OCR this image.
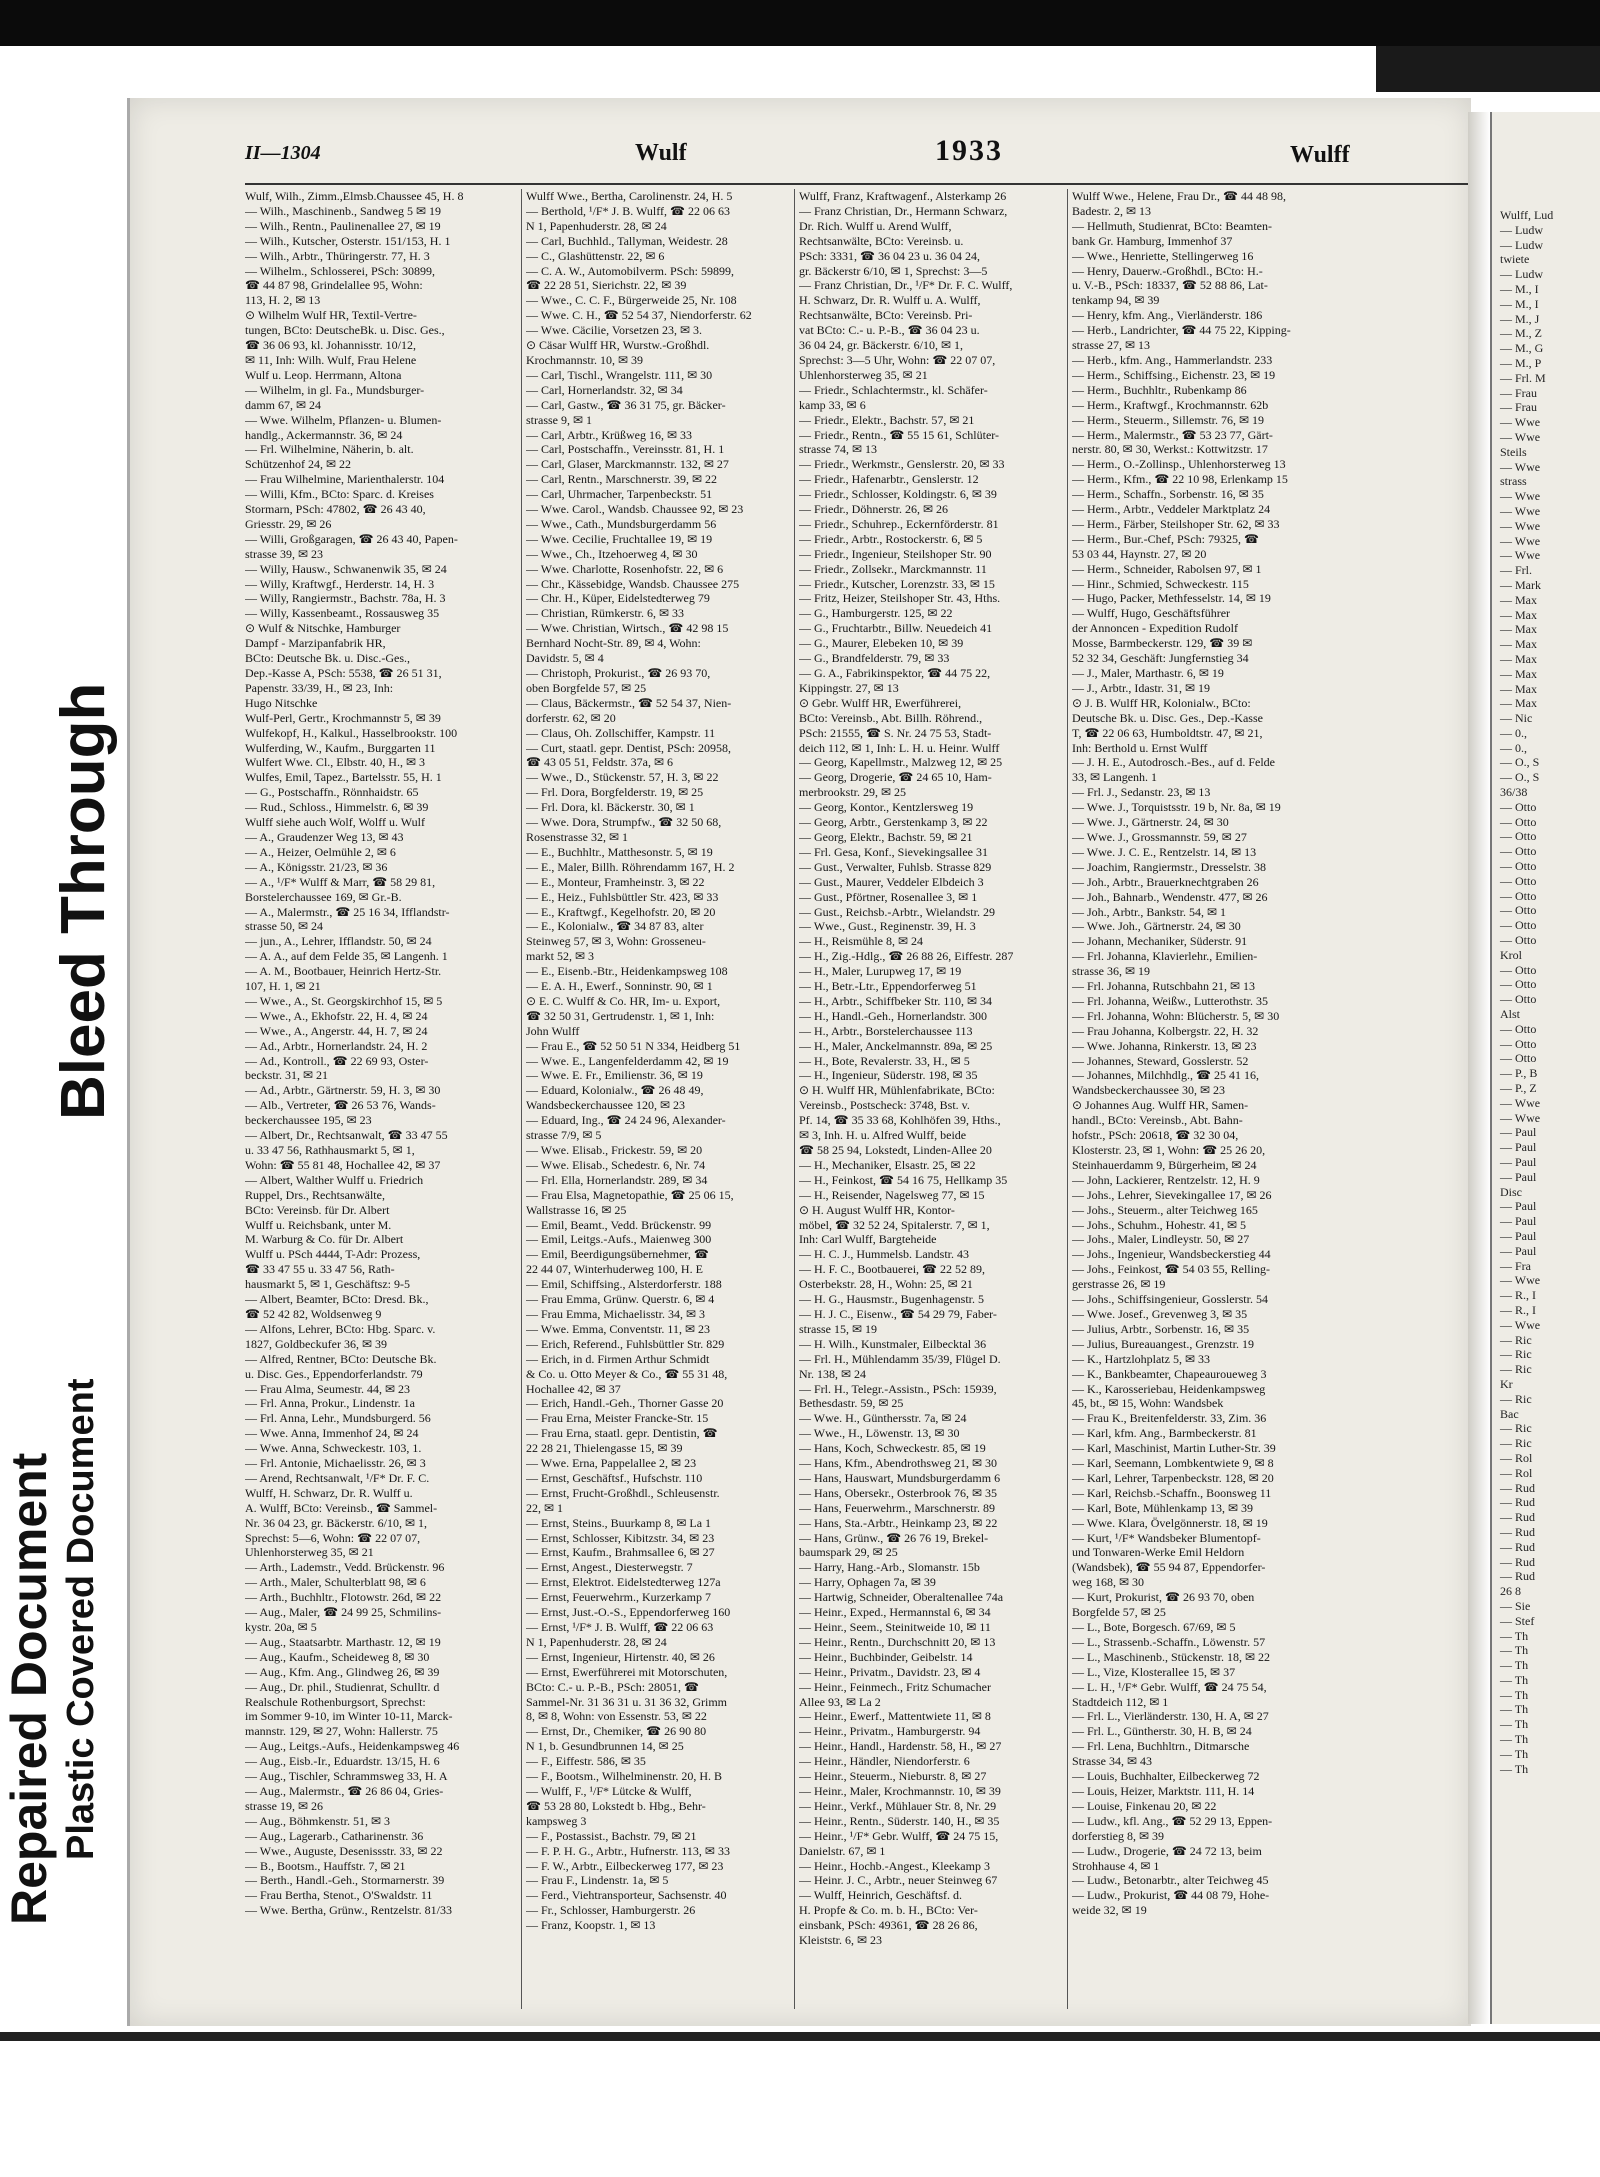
Repaired Document Plastic Covered Document
Bleed Through
II—1304	Wulf	1933	Wulff
Wulf, Wilh., Zimm.,Elmsb.Chaussee 45, H. 8
— Wilh., Maschinenb., Sandweg 5 ✉ 19
— Wilh., Rentn., Paulinenallee 27, ✉ 19
— Wilh., Kutscher, Osterstr. 151/153, H. 1
— Wilh., Arbtr., Thüringerstr. 77, H. 3
— Wilhelm., Schlosserei, PSch: 30899,
☎ 44 87 98, Grindelallee 95, Wohn:
113, H. 2, ✉ 13
⊙ Wilhelm Wulf HR, Textil-Vertre-
tungen, BCto: DeutscheBk. u. Disc. Ges.,
☎ 36 06 93, kl. Johannisstr. 10/12,
✉ 11, Inh: Wilh. Wulf, Frau Helene
Wulf u. Leop. Herrmann, Altona
— Wilhelm, in gl. Fa., Mundsburger-
damm 67, ✉ 24
— Wwe. Wilhelm, Pflanzen- u. Blumen-
handlg., Ackermannstr. 36, ✉ 24
— Frl. Wilhelmine, Näherin, b. alt.
Schützenhof 24, ✉ 22
— Frau Wilhelmine, Marienthalerstr. 104
— Willi, Kfm., BCto: Sparc. d. Kreises
Stormarn, PSch: 47802, ☎ 26 43 40,
Griesstr. 29, ✉ 26
— Willi, Großgaragen, ☎ 26 43 40, Papen-
strasse 39, ✉ 23
— Willy, Hausw., Schwanenwik 35, ✉ 24
— Willy, Kraftwgf., Herderstr. 14, H. 3
— Willy, Rangiermstr., Bachstr. 78a, H. 3
— Willy, Kassenbeamt., Rossausweg 35
⊙ Wulf & Nitschke, Hamburger
Dampf - Marzipanfabrik HR,
BCto: Deutsche Bk. u. Disc.-Ges.,
Dep.-Kasse A, PSch: 5538, ☎ 26 51 31,
Papenstr. 33/39, H., ✉ 23, Inh:
Hugo Nitschke
Wulf-Perl, Gertr., Krochmannstr 5, ✉ 39
Wulfekopf, H., Kalkul., Hasselbrookstr. 100
Wulferding, W., Kaufm., Burggarten 11
Wulfert Wwe. Cl., Elbstr. 40, H., ✉ 3
Wulfes, Emil, Tapez., Bartelsstr. 55, H. 1
— G., Postschaffn., Rönnhaidstr. 65
— Rud., Schloss., Himmelstr. 6, ✉ 39
Wulff siehe auch Wolf, Wolff u. Wulf
— A., Graudenzer Weg 13, ✉ 43
— A., Heizer, Oelmühle 2, ✉ 6
— A., Königsstr. 21/23, ✉ 36
— A., ¹/F* Wulff & Marr, ☎ 58 29 81,
Borstelerchaussee 169, ✉ Gr.-B.
— A., Malermstr., ☎ 25 16 34, Ifflandstr-
strasse 50, ✉ 24
— jun., A., Lehrer, Ifflandstr. 50, ✉ 24
— A. A., auf dem Felde 35, ✉ Langenh. 1
— A. M., Bootbauer, Heinrich Hertz-Str.
107, H. 1, ✉ 21
— Wwe., A., St. Georgskirchhof 15, ✉ 5
— Wwe., A., Ekhofstr. 22, H. 4, ✉ 24
— Wwe., A., Angerstr. 44, H. 7, ✉ 24
— Ad., Arbtr., Hornerlandstr. 24, H. 2
— Ad., Kontroll., ☎ 22 69 93, Oster-
beckstr. 31, ✉ 21
— Ad., Arbtr., Gärtnerstr. 59, H. 3, ✉ 30
— Alb., Vertreter, ☎ 26 53 76, Wands-
beckerchaussee 195, ✉ 23
— Albert, Dr., Rechtsanwalt, ☎ 33 47 55
u. 33 47 56, Rathhausmarkt 5, ✉ 1,
Wohn: ☎ 55 81 48, Hochallee 42, ✉ 37
— Albert, Walther Wulff u. Friedrich
Ruppel, Drs., Rechtsanwälte,
BCto: Vereinsb. für Dr. Albert
Wulff u. Reichsbank, unter M.
M. Warburg & Co. für Dr. Albert
Wulff u. PSch 4444, T-Adr: Prozess,
☎ 33 47 55 u. 33 47 56, Rath-
hausmarkt 5, ✉ 1, Geschäftsz: 9-5
— Albert, Beamter, BCto: Dresd. Bk.,
☎ 52 42 82, Woldsenweg 9
— Alfons, Lehrer, BCto: Hbg. Sparc. v.
1827, Goldbeckufer 36, ✉ 39
— Alfred, Rentner, BCto: Deutsche Bk.
u. Disc. Ges., Eppendorferlandstr. 79
— Frau Alma, Seumestr. 44, ✉ 23
— Frl. Anna, Prokur., Lindenstr. 1a
— Frl. Anna, Lehr., Mundsburgerd. 56
— Wwe. Anna, Immenhof 24, ✉ 24
— Wwe. Anna, Schweckestr. 103, 1.
— Frl. Antonie, Michaelisstr. 26, ✉ 3
— Arend, Rechtsanwalt, ¹/F* Dr. F. C.
Wulff, H. Schwarz, Dr. R. Wulff u.
A. Wulff, BCto: Vereinsb., ☎ Sammel-
Nr. 36 04 23, gr. Bäckerstr. 6/10, ✉ 1,
Sprechst: 5—6, Wohn: ☎ 22 07 07,
Uhlenhorsterweg 35, ✉ 21
— Arth., Lademstr., Vedd. Brückenstr. 96
— Arth., Maler, Schulterblatt 98, ✉ 6
— Arth., Buchhltr., Flotowstr. 26d, ✉ 22
— Aug., Maler, ☎ 24 99 25, Schmilins-
kystr. 20a, ✉ 5
— Aug., Staatsarbtr. Marthastr. 12, ✉ 19
— Aug., Kaufm., Scheideweg 8, ✉ 30
— Aug., Kfm. Ang., Glindweg 26, ✉ 39
— Aug., Dr. phil., Studienrat, Schulltr. d
Realschule Rothenburgsort, Sprechst:
im Sommer 9-10, im Winter 10-11, Marck-
mannstr. 129, ✉ 27, Wohn: Hallerstr. 75
— Aug., Leitgs.-Aufs., Heidenkampsweg 46
— Aug., Eisb.-Ir., Eduardstr. 13/15, H. 6
— Aug., Tischler, Schrammsweg 33, H. A
— Aug., Malermstr., ☎ 26 86 04, Gries-
strasse 19, ✉ 26
— Aug., Böhmkenstr. 51, ✉ 3
— Aug., Lagerarb., Catharinenstr. 36
— Wwe., Auguste, Desenissstr. 33, ✉ 22
— B., Bootsm., Hauffstr. 7, ✉ 21
— Berth., Handl.-Geh., Stormarnerstr. 39
— Frau Bertha, Stenot., O'Swaldstr. 11
— Wwe. Bertha, Grünw., Rentzelstr. 81/33
Wulff Wwe., Bertha, Carolinenstr. 24, H. 5
— Berthold, ¹/F* J. B. Wulff, ☎ 22 06 63
N 1, Papenhuderstr. 28, ✉ 24
— Carl, Buchhld., Tallyman, Weidestr. 28
— C., Glashüttenstr. 22, ✉ 6
— C. A. W., Automobilverm. PSch: 59899,
☎ 22 28 51, Sierichstr. 22, ✉ 39
— Wwe., C. C. F., Bürgerweide 25, Nr. 108
— Wwe. C. H., ☎ 52 54 37, Niendorferstr. 62
— Wwe. Cäcilie, Vorsetzen 23, ✉ 3.
⊙ Cäsar Wulff HR, Wurstw.-Großhdl.
Krochmannstr. 10, ✉ 39
— Carl, Tischl., Wrangelstr. 111, ✉ 30
— Carl, Hornerlandstr. 32, ✉ 34
— Carl, Gastw., ☎ 36 31 75, gr. Bäcker-
strasse 9, ✉ 1
— Carl, Arbtr., Krüßweg 16, ✉ 33
— Carl, Postschaffn., Vereinsstr. 81, H. 1
— Carl, Glaser, Marckmannstr. 132, ✉ 27
— Carl, Rentn., Marschnerstr. 39, ✉ 22
— Carl, Uhrmacher, Tarpenbeckstr. 51
— Wwe. Carol., Wandsb. Chaussee 92, ✉ 23
— Wwe., Cath., Mundsburgerdamm 56
— Wwe. Cecilie, Fruchtallee 19, ✉ 19
— Wwe., Ch., Itzehoerweg 4, ✉ 30
— Wwe. Charlotte, Rosenhofstr. 22, ✉ 6
— Chr., Kässebidge, Wandsb. Chaussee 275
— Chr. H., Küper, Eidelstedterweg 79
— Christian, Rümkerstr. 6, ✉ 33
— Wwe. Christian, Wirtsch., ☎ 42 98 15
Bernhard Nocht-Str. 89, ✉ 4, Wohn:
Davidstr. 5, ✉ 4
— Christoph, Prokurist., ☎ 26 93 70,
oben Borgfelde 57, ✉ 25
— Claus, Bäckermstr., ☎ 52 54 37, Nien-
dorferstr. 62, ✉ 20
— Claus, Oh. Zollschiffer, Kampstr. 11
— Curt, staatl. gepr. Dentist, PSch: 20958,
☎ 43 05 51, Feldstr. 37a, ✉ 6
— Wwe., D., Stückenstr. 57, H. 3, ✉ 22
— Frl. Dora, Borgfelderstr. 19, ✉ 25
— Frl. Dora, kl. Bäckerstr. 30, ✉ 1
— Wwe. Dora, Strumpfw., ☎ 32 50 68,
Rosenstrasse 32, ✉ 1
— E., Buchhltr., Matthesonstr. 5, ✉ 19
— E., Maler, Billh. Röhrendamm 167, H. 2
— E., Monteur, Framheinstr. 3, ✉ 22
— E., Heiz., Fuhlsbüttler Str. 423, ✉ 33
— E., Kraftwgf., Kegelhofstr. 20, ✉ 20
— E., Kolonialw., ☎ 34 87 83, alter
Steinweg 57, ✉ 3, Wohn: Grosseneu-
markt 52, ✉ 3
— E., Eisenb.-Btr., Heidenkampsweg 108
— E. A. H., Ewerf., Sonninstr. 90, ✉ 1
⊙ E. C. Wulff & Co. HR, Im- u. Export,
☎ 32 50 31, Gertrudenstr. 1, ✉ 1, Inh:
John Wulff
— Frau E., ☎ 52 50 51 N 334, Heidberg 51
— Wwe. E., Langenfelderdamm 42, ✉ 19
— Wwe. E. Fr., Emilienstr. 36, ✉ 19
— Eduard, Kolonialw., ☎ 26 48 49,
Wandsbeckerchaussee 120, ✉ 23
— Eduard, Ing., ☎ 24 24 96, Alexander-
strasse 7/9, ✉ 5
— Wwe. Elisab., Frickestr. 59, ✉ 20
— Wwe. Elisab., Schedestr. 6, Nr. 74
— Frl. Ella, Hornerlandstr. 289, ✉ 34
— Frau Elsa, Magnetopathie, ☎ 25 06 15,
Wallstrasse 16, ✉ 25
— Emil, Beamt., Vedd. Brückenstr. 99
— Emil, Leitgs.-Aufs., Maienweg 300
— Emil, Beerdigungsübernehmer, ☎
22 44 07, Winterhuderweg 100, H. E
— Emil, Schiffsing., Alsterdorferstr. 188
— Frau Emma, Grünw. Querstr. 6, ✉ 4
— Frau Emma, Michaelisstr. 34, ✉ 3
— Wwe. Emma, Conventstr. 11, ✉ 23
— Erich, Referend., Fuhlsbüttler Str. 829
— Erich, in d. Firmen Arthur Schmidt
& Co. u. Otto Meyer & Co., ☎ 55 31 48,
Hochallee 42, ✉ 37
— Erich, Handl.-Geh., Thorner Gasse 20
— Frau Erna, Meister Francke-Str. 15
— Frau Erna, staatl. gepr. Dentistin, ☎
22 28 21, Thielengasse 15, ✉ 39
— Wwe. Erna, Pappelallee 2, ✉ 23
— Ernst, Geschäftsf., Hufschstr. 110
— Ernst, Frucht-Großhdl., Schleusenstr.
22, ✉ 1
— Ernst, Steins., Buurkamp 8, ✉ La 1
— Ernst, Schlosser, Kibitzstr. 34, ✉ 23
— Ernst, Kaufm., Brahmsallee 6, ✉ 27
— Ernst, Angest., Diesterwegstr. 7
— Ernst, Elektrot. Eidelstedterweg 127a
— Ernst, Feuerwehrm., Kurzerkamp 7
— Ernst, Just.-O.-S., Eppendorferweg 160
— Ernst, ¹/F* J. B. Wulff, ☎ 22 06 63
N 1, Papenhuderstr. 28, ✉ 24
— Ernst, Ingenieur, Hirtenstr. 40, ✉ 26
— Ernst, Ewerführerei mit Motorschuten,
BCto: C.- u. P.-B., PSch: 28051, ☎
Sammel-Nr. 31 36 31 u. 31 36 32, Grimm
8, ✉ 8, Wohn: von Essenstr. 53, ✉ 22
— Ernst, Dr., Chemiker, ☎ 26 90 80
N 1, b. Gesundbrunnen 14, ✉ 25
— F., Eiffestr. 586, ✉ 35
— F., Bootsm., Wilhelminenstr. 20, H. B
— Wulff, F., ¹/F* Lütcke & Wulff,
☎ 53 28 80, Lokstedt b. Hbg., Behr-
kampsweg 3
— F., Postassist., Bachstr. 79, ✉ 21
— F. P. H. G., Arbtr., Hufnerstr. 113, ✉ 33
— F. W., Arbtr., Eilbeckerweg 177, ✉ 23
— Frau F., Lindenstr. 1a, ✉ 5
— Ferd., Viehtransporteur, Sachsenstr. 40
— Fr., Schlosser, Hamburgerstr. 26
— Franz, Koopstr. 1, ✉ 13
Wulff, Franz, Kraftwagenf., Alsterkamp 26
— Franz Christian, Dr., Hermann Schwarz,
Dr. Rich. Wulff u. Arend Wulff,
Rechtsanwälte, BCto: Vereinsb. u.
PSch: 3331, ☎ 36 04 23 u. 36 04 24,
gr. Bäckerstr 6/10, ✉ 1, Sprechst: 3—5
— Franz Christian, Dr., ¹/F* Dr. F. C. Wulff,
H. Schwarz, Dr. R. Wulff u. A. Wulff,
Rechtsanwälte, BCto: Vereinsb. Pri-
vat BCto: C.- u. P.-B., ☎ 36 04 23 u.
36 04 24, gr. Bäckerstr. 6/10, ✉ 1,
Sprechst: 3—5 Uhr, Wohn: ☎ 22 07 07,
Uhlenhorsterweg 35, ✉ 21
— Friedr., Schlachtermstr., kl. Schäfer-
kamp 33, ✉ 6
— Friedr., Elektr., Bachstr. 57, ✉ 21
— Friedr., Rentn., ☎ 55 15 61, Schlüter-
strasse 74, ✉ 13
— Friedr., Werkmstr., Genslerstr. 20, ✉ 33
— Friedr., Hafenarbtr., Genslerstr. 12
— Friedr., Schlosser, Koldingstr. 6, ✉ 39
— Friedr., Döhnerstr. 26, ✉ 26
— Friedr., Schuhrep., Eckernförderstr. 81
— Friedr., Arbtr., Rostockerstr. 6, ✉ 5
— Friedr., Ingenieur, Steilshoper Str. 90
— Friedr., Zollsekr., Marckmannstr. 11
— Friedr., Kutscher, Lorenzstr. 33, ✉ 15
— Fritz, Heizer, Steilshoper Str. 43, Hths.
— G., Hamburgerstr. 125, ✉ 22
— G., Fruchtarbtr., Billw. Neuedeich 41
— G., Maurer, Elebeken 10, ✉ 39
— G., Brandfelderstr. 79, ✉ 33
— G. A., Fabrikinspektor, ☎ 44 75 22,
Kippingstr. 27, ✉ 13
⊙ Gebr. Wulff HR, Ewerführerei,
BCto: Vereinsb., Abt. Billh. Röhrend.,
PSch: 21555, ☎ S. Nr. 24 75 53, Stadt-
deich 112, ✉ 1, Inh: L. H. u. Heinr. Wulff
— Georg, Kapellmstr., Malzweg 12, ✉ 25
— Georg, Drogerie, ☎ 24 65 10, Ham-
merbrookstr. 29, ✉ 25
— Georg, Kontor., Kentzlersweg 19
— Georg, Arbtr., Gerstenkamp 3, ✉ 22
— Georg, Elektr., Bachstr. 59, ✉ 21
— Frl. Gesa, Konf., Sievekingsallee 31
— Gust., Verwalter, Fuhlsb. Strasse 829
— Gust., Maurer, Veddeler Elbdeich 3
— Gust., Pförtner, Rosenallee 3, ✉ 1
— Gust., Reichsb.-Arbtr., Wielandstr. 29
— Wwe., Gust., Reginenstr. 39, H. 3
— H., Reismühle 8, ✉ 24
— H., Zig.-Hdlg., ☎ 26 88 26, Eiffestr. 287
— H., Maler, Lurupweg 17, ✉ 19
— H., Betr.-Ltr., Eppendorferweg 51
— H., Arbtr., Schiffbeker Str. 110, ✉ 34
— H., Handl.-Geh., Hornerlandstr. 300
— H., Arbtr., Borstelerchaussee 113
— H., Maler, Anckelmannstr. 89a, ✉ 25
— H., Bote, Revalerstr. 33, H., ✉ 5
— H., Ingenieur, Süderstr. 198, ✉ 35
⊙ H. Wulff HR, Mühlenfabrikate, BCto:
Vereinsb., Postscheck: 3748, Bst. v.
Pf. 14, ☎ 35 33 68, Kohlhöfen 39, Hths.,
✉ 3, Inh. H. u. Alfred Wulff, beide
☎ 58 25 94, Lokstedt, Linden-Allee 20
— H., Mechaniker, Elsastr. 25, ✉ 22
— H., Feinkost, ☎ 54 16 75, Hellkamp 35
— H., Reisender, Nagelsweg 77, ✉ 15
⊙ H. August Wulff HR, Kontor-
möbel, ☎ 32 52 24, Spitalerstr. 7, ✉ 1,
Inh: Carl Wulff, Bargteheide
— H. C. J., Hummelsb. Landstr. 43
— H. F. C., Bootbauerei, ☎ 22 52 89,
Osterbekstr. 28, H., Wohn: 25, ✉ 21
— H. G., Hausmstr., Bugenhagenstr. 5
— H. J. C., Eisenw., ☎ 54 29 79, Faber-
strasse 15, ✉ 19
— H. Wilh., Kunstmaler, Eilbecktal 36
— Frl. H., Mühlendamm 35/39, Flügel D.
Nr. 138, ✉ 24
— Frl. H., Telegr.-Assistn., PSch: 15939,
Bethesdastr. 59, ✉ 25
— Wwe. H., Günthersstr. 7a, ✉ 24
— Wwe., H., Löwenstr. 13, ✉ 30
— Hans, Koch, Schweckestr. 85, ✉ 19
— Hans, Kfm., Abendrothsweg 21, ✉ 30
— Hans, Hauswart, Mundsburgerdamm 6
— Hans, Obersekr., Osterbrook 76, ✉ 35
— Hans, Feuerwehrm., Marschnerstr. 89
— Hans, Sta.-Arbtr., Heinkamp 23, ✉ 22
— Hans, Grünw., ☎ 26 76 19, Brekel-
baumspark 29, ✉ 25
— Harry, Hang.-Arb., Slomanstr. 15b
— Harry, Ophagen 7a, ✉ 39
— Hartwig, Schneider, Oberaltenallee 74a
— Heinr., Exped., Hermannstal 6, ✉ 34
— Heinr., Seem., Steinitweide 10, ✉ 11
— Heinr., Rentn., Durchschnitt 20, ✉ 13
— Heinr., Buchbinder, Geibelstr. 14
— Heinr., Privatm., Davidstr. 23, ✉ 4
— Heinr., Feinmech., Fritz Schumacher
Allee 93, ✉ La 2
— Heinr., Ewerf., Mattentwiete 11, ✉ 8
— Heinr., Privatm., Hamburgerstr. 94
— Heinr., Handl., Hardenstr. 58, H., ✉ 27
— Heinr., Händler, Niendorferstr. 6
— Heinr., Steuerm., Nieburstr. 8, ✉ 27
— Heinr., Maler, Krochmannstr. 10, ✉ 39
— Heinr., Verkf., Mühlauer Str. 8, Nr. 29
— Heinr., Rentn., Süderstr. 140, H., ✉ 35
— Heinr., ¹/F* Gebr. Wulff, ☎ 24 75 15,
Danielstr. 67, ✉ 1
— Heinr., Hochb.-Angest., Kleekamp 3
— Heinr. J. C., Arbtr., neuer Steinweg 67
— Wulff, Heinrich, Geschäftsf. d.
H. Propfe & Co. m. b. H., BCto: Ver-
einsbank, PSch: 49361, ☎ 28 26 86,
Kleiststr. 6, ✉ 23
Wulff Wwe., Helene, Frau Dr., ☎ 44 48 98,
Badestr. 2, ✉ 13
— Hellmuth, Studienrat, BCto: Beamten-
bank Gr. Hamburg, Immenhof 37
— Wwe., Henriette, Stellingerweg 16
— Henry, Dauerw.-Großhdl., BCto: H.-
u. V.-B., PSch: 18337, ☎ 52 88 86, Lat-
tenkamp 94, ✉ 39
— Henry, kfm. Ang., Vierländerstr. 186
— Herb., Landrichter, ☎ 44 75 22, Kipping-
strasse 27, ✉ 13
— Herb., kfm. Ang., Hammerlandstr. 233
— Herm., Schiffsing., Eichenstr. 23, ✉ 19
— Herm., Buchhltr., Rubenkamp 86
— Herm., Kraftwgf., Krochmannstr. 62b
— Herm., Steuerm., Sillemstr. 76, ✉ 19
— Herm., Malermstr., ☎ 53 23 77, Gärt-
nerstr. 80, ✉ 30, Werkst.: Kottwitzstr. 17
— Herm., O.-Zollinsp., Uhlenhorsterweg 13
— Herm., Kfm., ☎ 22 10 98, Erlenkamp 15
— Herm., Schaffn., Sorbenstr. 16, ✉ 35
— Herm., Arbtr., Veddeler Marktplatz 24
— Herm., Färber, Steilshoper Str. 62, ✉ 33
— Herm., Bur.-Chef, PSch: 79325, ☎
53 03 44, Haynstr. 27, ✉ 20
— Herm., Schneider, Rabolsen 97, ✉ 1
— Hinr., Schmied, Schweckestr. 115
— Hugo, Packer, Methfesselstr. 14, ✉ 19
— Wulff, Hugo, Geschäftsführer
der Annoncen - Expedition Rudolf
Mosse, Barmbeckerstr. 129, ☎ 39 ✉
52 32 34, Geschäft: Jungfernstieg 34
— J., Maler, Marthastr. 6, ✉ 19
— J., Arbtr., Idastr. 31, ✉ 19
⊙ J. B. Wulff HR, Kolonialw., BCto:
Deutsche Bk. u. Disc. Ges., Dep.-Kasse
T, ☎ 22 06 63, Humboldtstr. 47, ✉ 21,
Inh: Berthold u. Ernst Wulff
— J. H. E., Autodrosch.-Bes., auf d. Felde
33, ✉ Langenh. 1
— Frl. J., Sedanstr. 23, ✉ 13
— Wwe. J., Torquistsstr. 19 b, Nr. 8a, ✉ 19
— Wwe. J., Gärtnerstr. 24, ✉ 30
— Wwe. J., Grossmannstr. 59, ✉ 27
— Wwe. J. C. E., Rentzelstr. 14, ✉ 13
— Joachim, Rangiermstr., Dresselstr. 38
— Joh., Arbtr., Brauerknechtgraben 26
— Joh., Bahnarb., Wendenstr. 477, ✉ 26
— Joh., Arbtr., Bankstr. 54, ✉ 1
— Wwe. Joh., Gärtnerstr. 24, ✉ 30
— Johann, Mechaniker, Süderstr. 91
— Frl. Johanna, Klavierlehr., Emilien-
strasse 36, ✉ 19
— Frl. Johanna, Rutschbahn 21, ✉ 13
— Frl. Johanna, Weißw., Lutterothstr. 35
— Frl. Johanna, Wohn: Blücherstr. 5, ✉ 30
— Frau Johanna, Kolbergstr. 22, H. 32
— Wwe. Johanna, Rinkerstr. 13, ✉ 23
— Johannes, Steward, Gosslerstr. 52
— Johannes, Milchhdlg., ☎ 25 41 16,
Wandsbeckerchaussee 30, ✉ 23
⊙ Johannes Aug. Wulff HR, Samen-
handl., BCto: Vereinsb., Abt. Bahn-
hofstr., PSch: 20618, ☎ 32 30 04,
Klosterstr. 23, ✉ 1, Wohn: ☎ 25 26 20,
Steinhauerdamm 9, Bürgerheim, ✉ 24
— John, Lackierer, Rentzelstr. 12, H. 9
— Johs., Lehrer, Sievekingallee 17, ✉ 26
— Johs., Steuerm., alter Teichweg 165
— Johs., Schuhm., Hohestr. 41, ✉ 5
— Johs., Maler, Lindleystr. 50, ✉ 27
— Johs., Ingenieur, Wandsbeckerstieg 44
— Johs., Feinkost, ☎ 54 03 55, Relling-
gerstrasse 26, ✉ 19
— Johs., Schiffsingenieur, Gosslerstr. 54
— Wwe. Josef., Grevenweg 3, ✉ 35
— Julius, Arbtr., Sorbenstr. 16, ✉ 35
— Julius, Bureauangest., Grenzstr. 19
— K., Hartzlohplatz 5, ✉ 33
— K., Bankbeamter, Chapeauroueweg 3
— K., Karosseriebau, Heidenkampsweg
45, bt., ✉ 15, Wohn: Wandsbek
— Frau K., Breitenfelderstr. 33, Zim. 36
— Karl, kfm. Ang., Barmbeckerstr. 81
— Karl, Maschinist, Martin Luther-Str. 39
— Karl, Seemann, Lombkentwiete 9, ✉ 8
— Karl, Lehrer, Tarpenbeckstr. 128, ✉ 20
— Karl, Reichsb.-Schaffn., Boonsweg 11
— Karl, Bote, Mühlenkamp 13, ✉ 39
— Wwe. Klara, Övelgönnerstr. 18, ✉ 19
— Kurt, ¹/F* Wandsbeker Blumentopf-
und Tonwaren-Werke Emil Heldorn
(Wandsbek), ☎ 55 94 87, Eppendorfer-
weg 168, ✉ 30
— Kurt, Prokurist, ☎ 26 93 70, oben
Borgfelde 57, ✉ 25
— L., Bote, Borgesch. 67/69, ✉ 5
— L., Strassenb.-Schaffn., Löwenstr. 57
— L., Maschinenb., Stückenstr. 18, ✉ 22
— L., Vize, Klosterallee 15, ✉ 37
— L. H., ¹/F* Gebr. Wulff, ☎ 24 75 54,
Stadtdeich 112, ✉ 1
— Frl. L., Vierländerstr. 130, H. A, ✉ 27
— Frl. L., Güntherstr. 30, H. B, ✉ 24
— Frl. Lena, Buchhltrn., Ditmarsche
Strasse 34, ✉ 43
— Louis, Buchhalter, Eilbeckerweg 72
— Louis, Heizer, Marktstr. 111, H. 14
— Louise, Finkenau 20, ✉ 22
— Ludw., kfl. Ang., ☎ 52 29 13, Eppen-
dorferstieg 8, ✉ 39
— Ludw., Drogerie, ☎ 24 72 13, beim
Strohhause 4, ✉ 1
— Ludw., Betonarbtr., alter Teichweg 45
— Ludw., Prokurist, ☎ 44 08 79, Hohe-
weide 32, ✉ 19
Wulff, Lud
— Ludw
— Ludw
twiete
— Ludw
— M., I
— M., I
— M., J
— M., Z
— M., G
— M., P
— Frl. M
— Frau
— Frau
— Wwe
— Wwe
Steils
— Wwe
strass
— Wwe
— Wwe
— Wwe
— Wwe
— Wwe
— Frl.
— Mark
— Max
— Max
— Max
— Max
— Max
— Max
— Max
— Max
— Nic
— 0.,
— 0.,
— O., S
— O., S
36/38
— Otto
— Otto
— Otto
— Otto
— Otto
— Otto
— Otto
— Otto
— Otto
— Otto
Krol
— Otto
— Otto
— Otto
Alst
— Otto
— Otto
— Otto
— P., B
— P., Z
— Wwe
— Wwe
— Paul
— Paul
— Paul
— Paul
Disc
— Paul
— Paul
— Paul
— Paul
— Fra
— Wwe
— R., I
— R., I
— Wwe
— Ric
— Ric
— Ric
Kr
— Ric
Bac
— Ric
— Ric
— Rol
— Rol
— Rud
— Rud
— Rud
— Rud
— Rud
— Rud
— Rud
26 8
— Sie
— Stef
— Th
— Th
— Th
— Th
— Th
— Th
— Th
— Th
— Th
— Th
